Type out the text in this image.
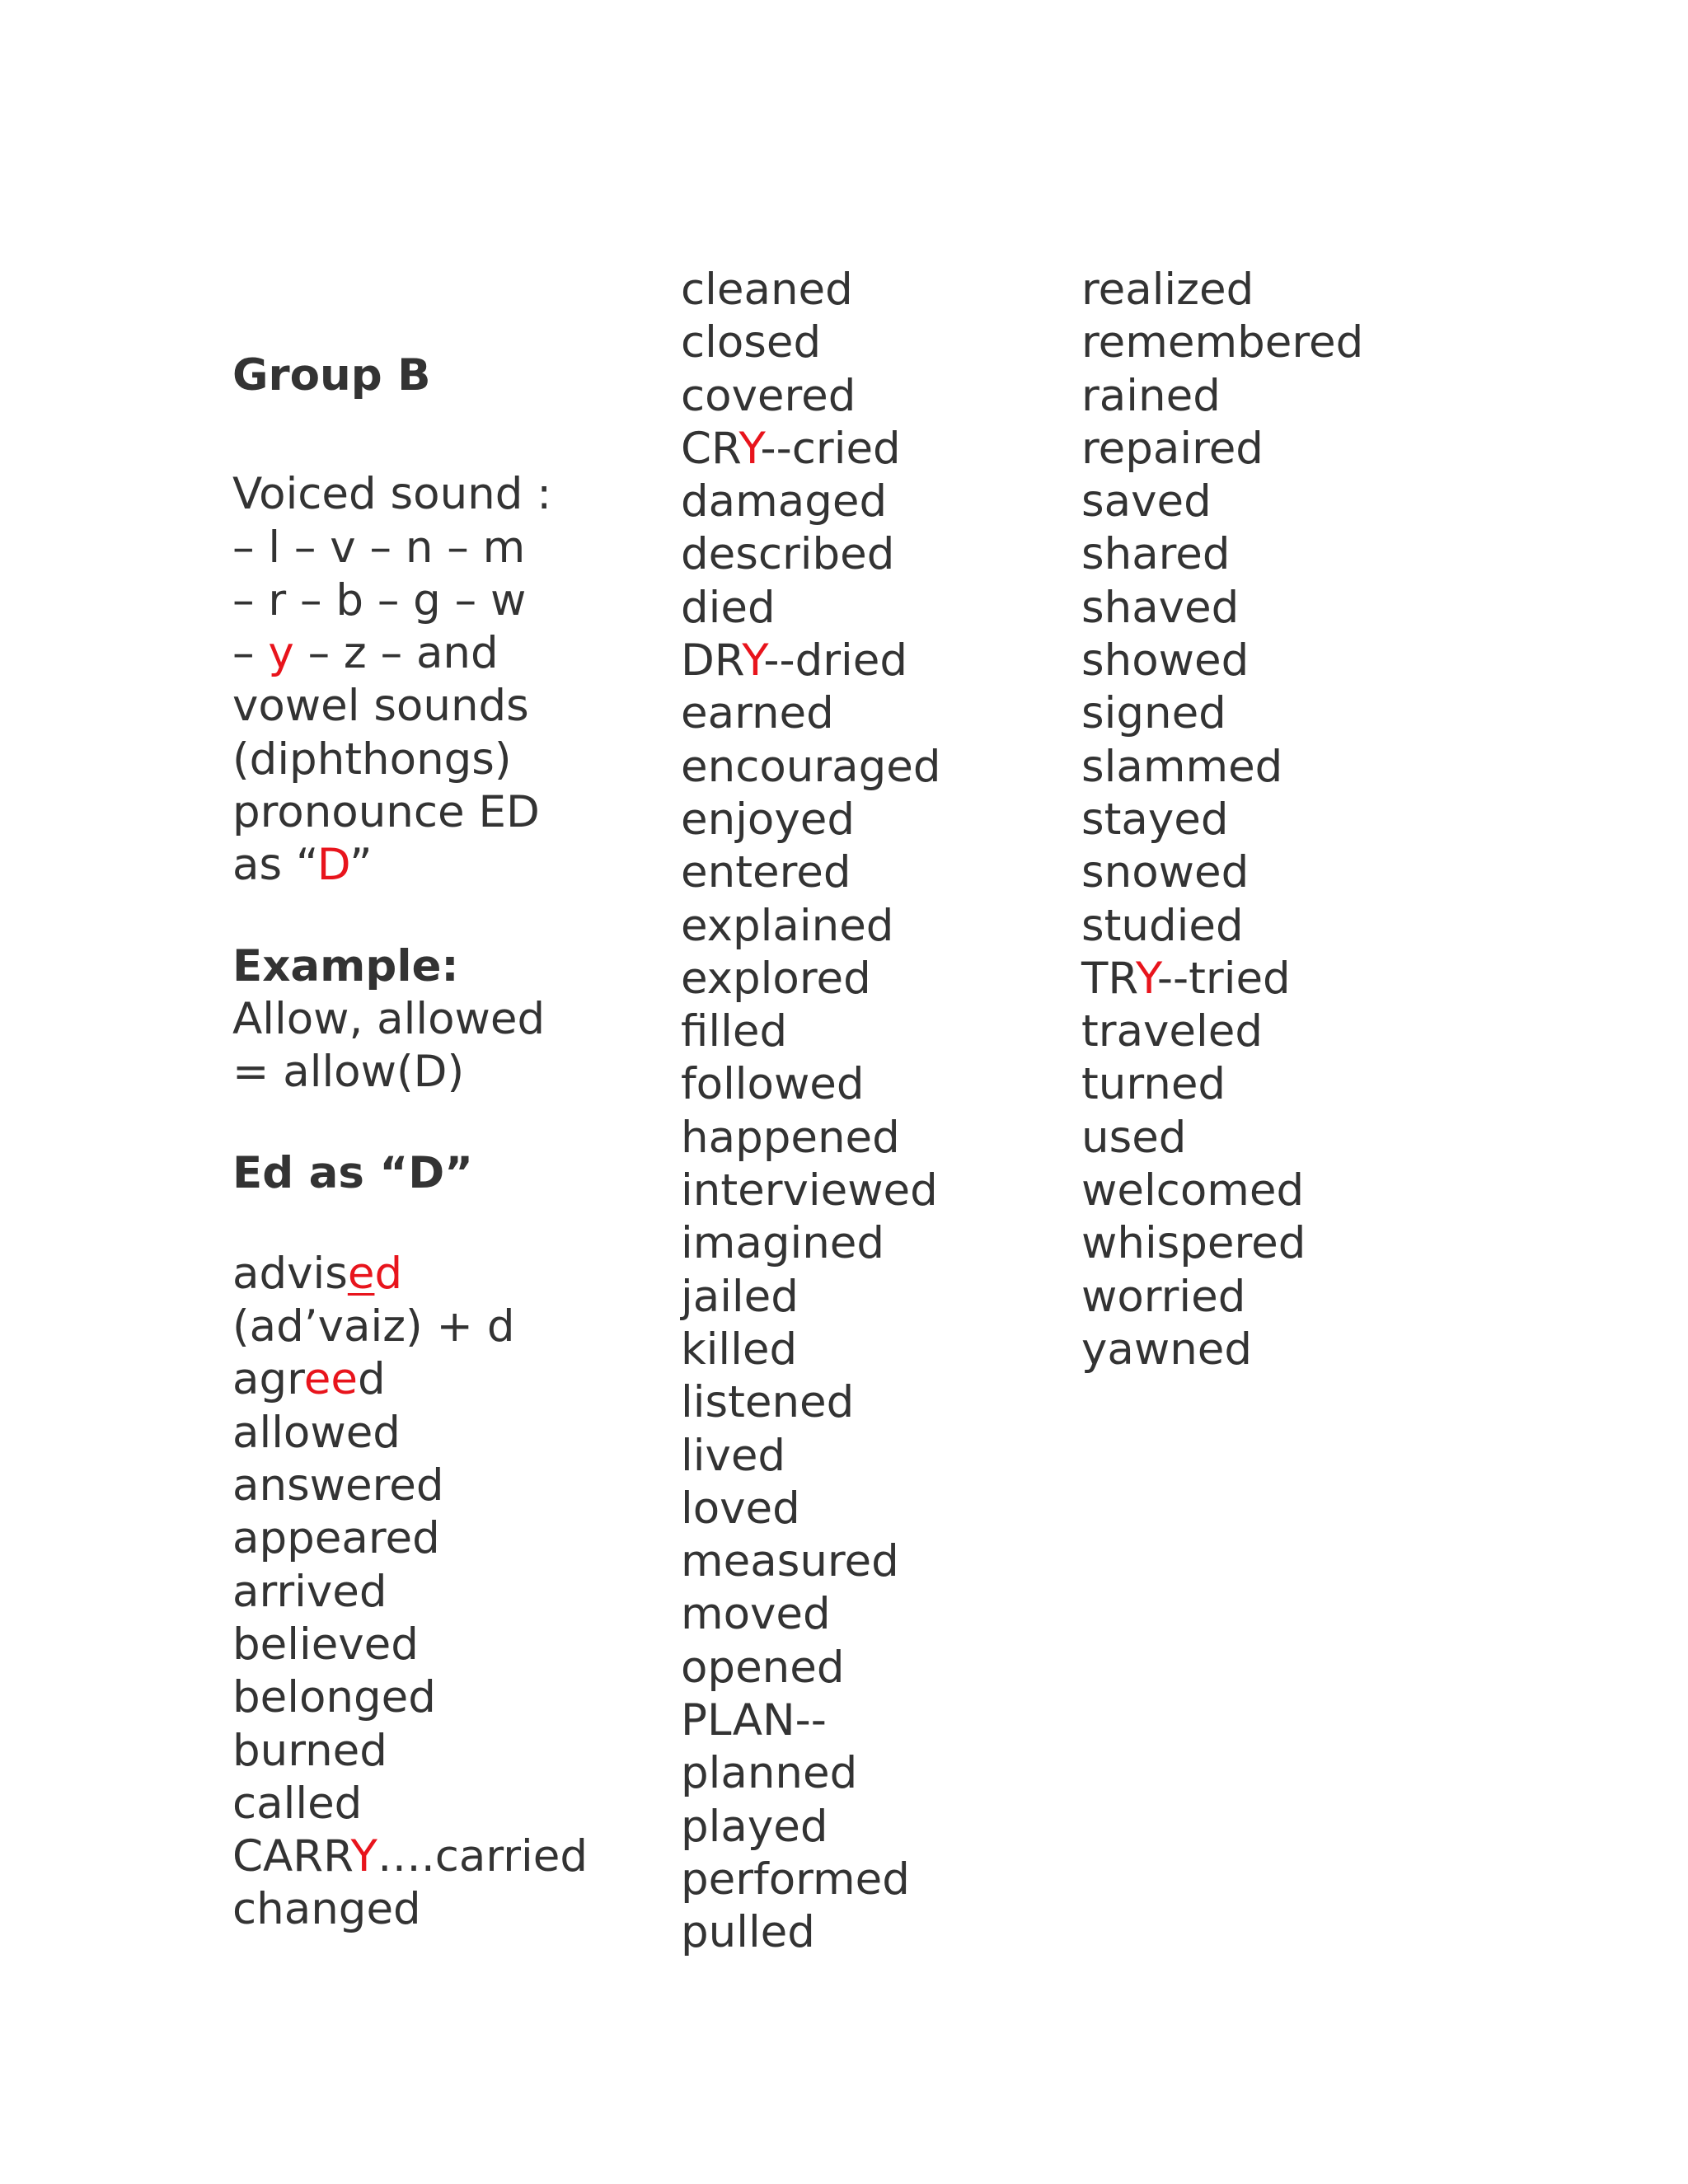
Group B
Voiced sound :
– l – v – n – m
– r – b – g – w
– y – z – and
vowel sounds
(diphthongs)
pronounce ED
as “D”
Example:
Allow, allowed
= allow(D)
Ed as “D”
advised
(ad’vaiz) + d
agreed
allowed
answered
appeared
arrived
believed
belonged
burned
called
CARRY….carried
changed
cleaned
closed
covered
CRY--cried
damaged
described
died
DRY--dried
earned
encouraged
enjoyed
entered
explained
explored
filled
followed
happened
interviewed
imagined
jailed
killed
listened
lived
loved
measured
moved
opened
PLAN--
planned
played
performed
pulled
realized
remembered
rained
repaired
saved
shared
shaved
showed
signed
slammed
stayed
snowed
studied
TRY--tried
traveled
turned
used
welcomed
whispered
worried
yawned
